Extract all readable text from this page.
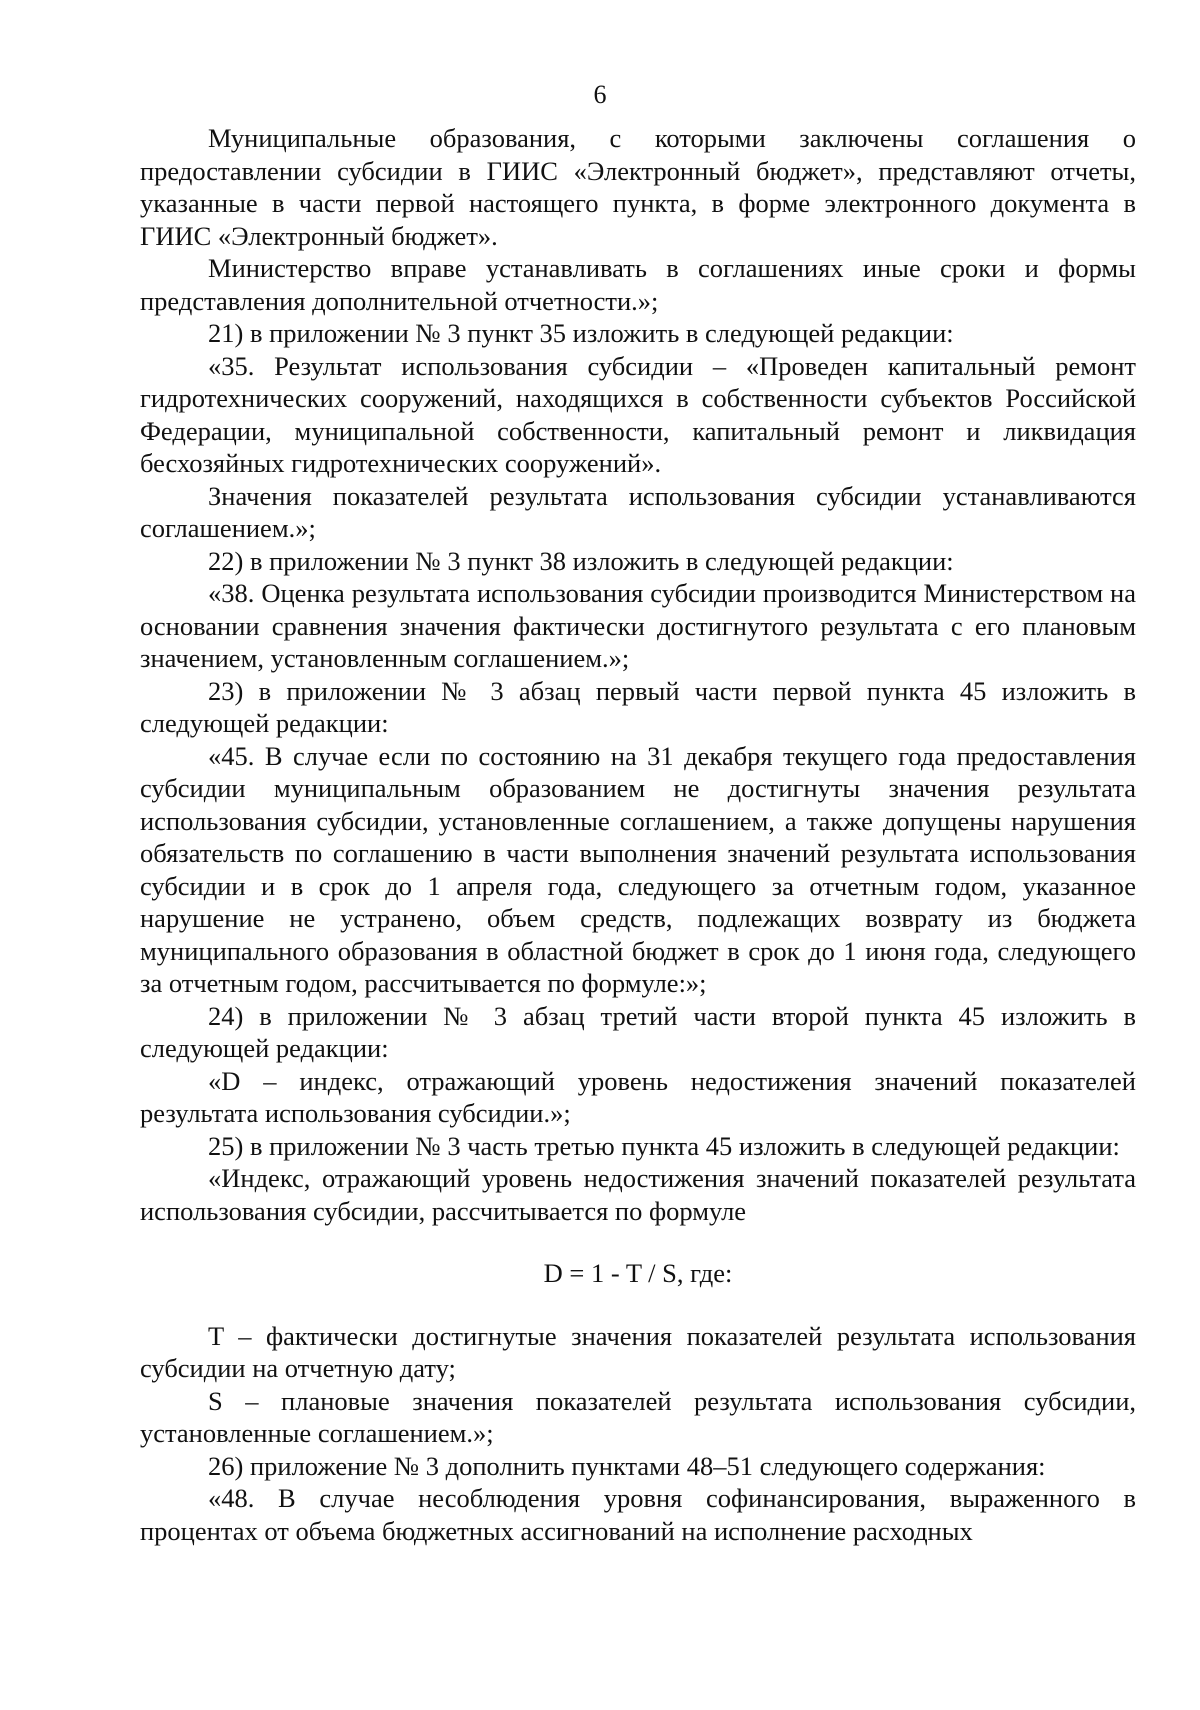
6

Муниципальные образования, с которыми заключены соглашения о предоставлении субсидии в ГИИС «Электронный бюджет», представляют отчеты, указанные в части первой настоящего пункта, в форме электронного документа в ГИИС «Электронный бюджет».

Министерство вправе устанавливать в соглашениях иные сроки и формы представления дополнительной отчетности.»;

21) в приложении № 3 пункт 35 изложить в следующей редакции:

«35. Результат использования субсидии – «Проведен капитальный ремонт гидротехнических сооружений, находящихся в собственности субъектов Российской Федерации, муниципальной собственности, капитальный ремонт и ликвидация бесхозяйных гидротехнических сооружений».

Значения показателей результата использования субсидии устанавливаются соглашением.»;

22) в приложении № 3 пункт 38 изложить в следующей редакции:

«38. Оценка результата использования субсидии производится Министерством на основании сравнения значения фактически достигнутого результата с его плановым значением, установленным соглашением.»;

23) в приложении № 3 абзац первый части первой пункта 45 изложить в следующей редакции:

«45. В случае если по состоянию на 31 декабря текущего года предоставления субсидии муниципальным образованием не достигнуты значения результата использования субсидии, установленные соглашением, а также допущены нарушения обязательств по соглашению в части выполнения значений результата использования субсидии и в срок до 1 апреля года, следующего за отчетным годом, указанное нарушение не устранено, объем средств, подлежащих возврату из бюджета муниципального образования в областной бюджет в срок до 1 июня года, следующего за отчетным годом, рассчитывается по формуле:»;

24) в приложении № 3 абзац третий части второй пункта 45 изложить в следующей редакции:

«D – индекс, отражающий уровень недостижения значений показателей результата использования субсидии.»;

25) в приложении № 3 часть третью пункта 45 изложить в следующей редакции:

«Индекс, отражающий уровень недостижения значений показателей результата использования субсидии, рассчитывается по формуле

D = 1 - T / S, где:

T – фактически достигнутые значения показателей результата использования субсидии на отчетную дату;

S – плановые значения показателей результата использования субсидии, установленные соглашением.»;

26) приложение № 3 дополнить пунктами 48–51 следующего содержания:

«48. В случае несоблюдения уровня софинансирования, выраженного в процентах от объема бюджетных ассигнований на исполнение расходных
